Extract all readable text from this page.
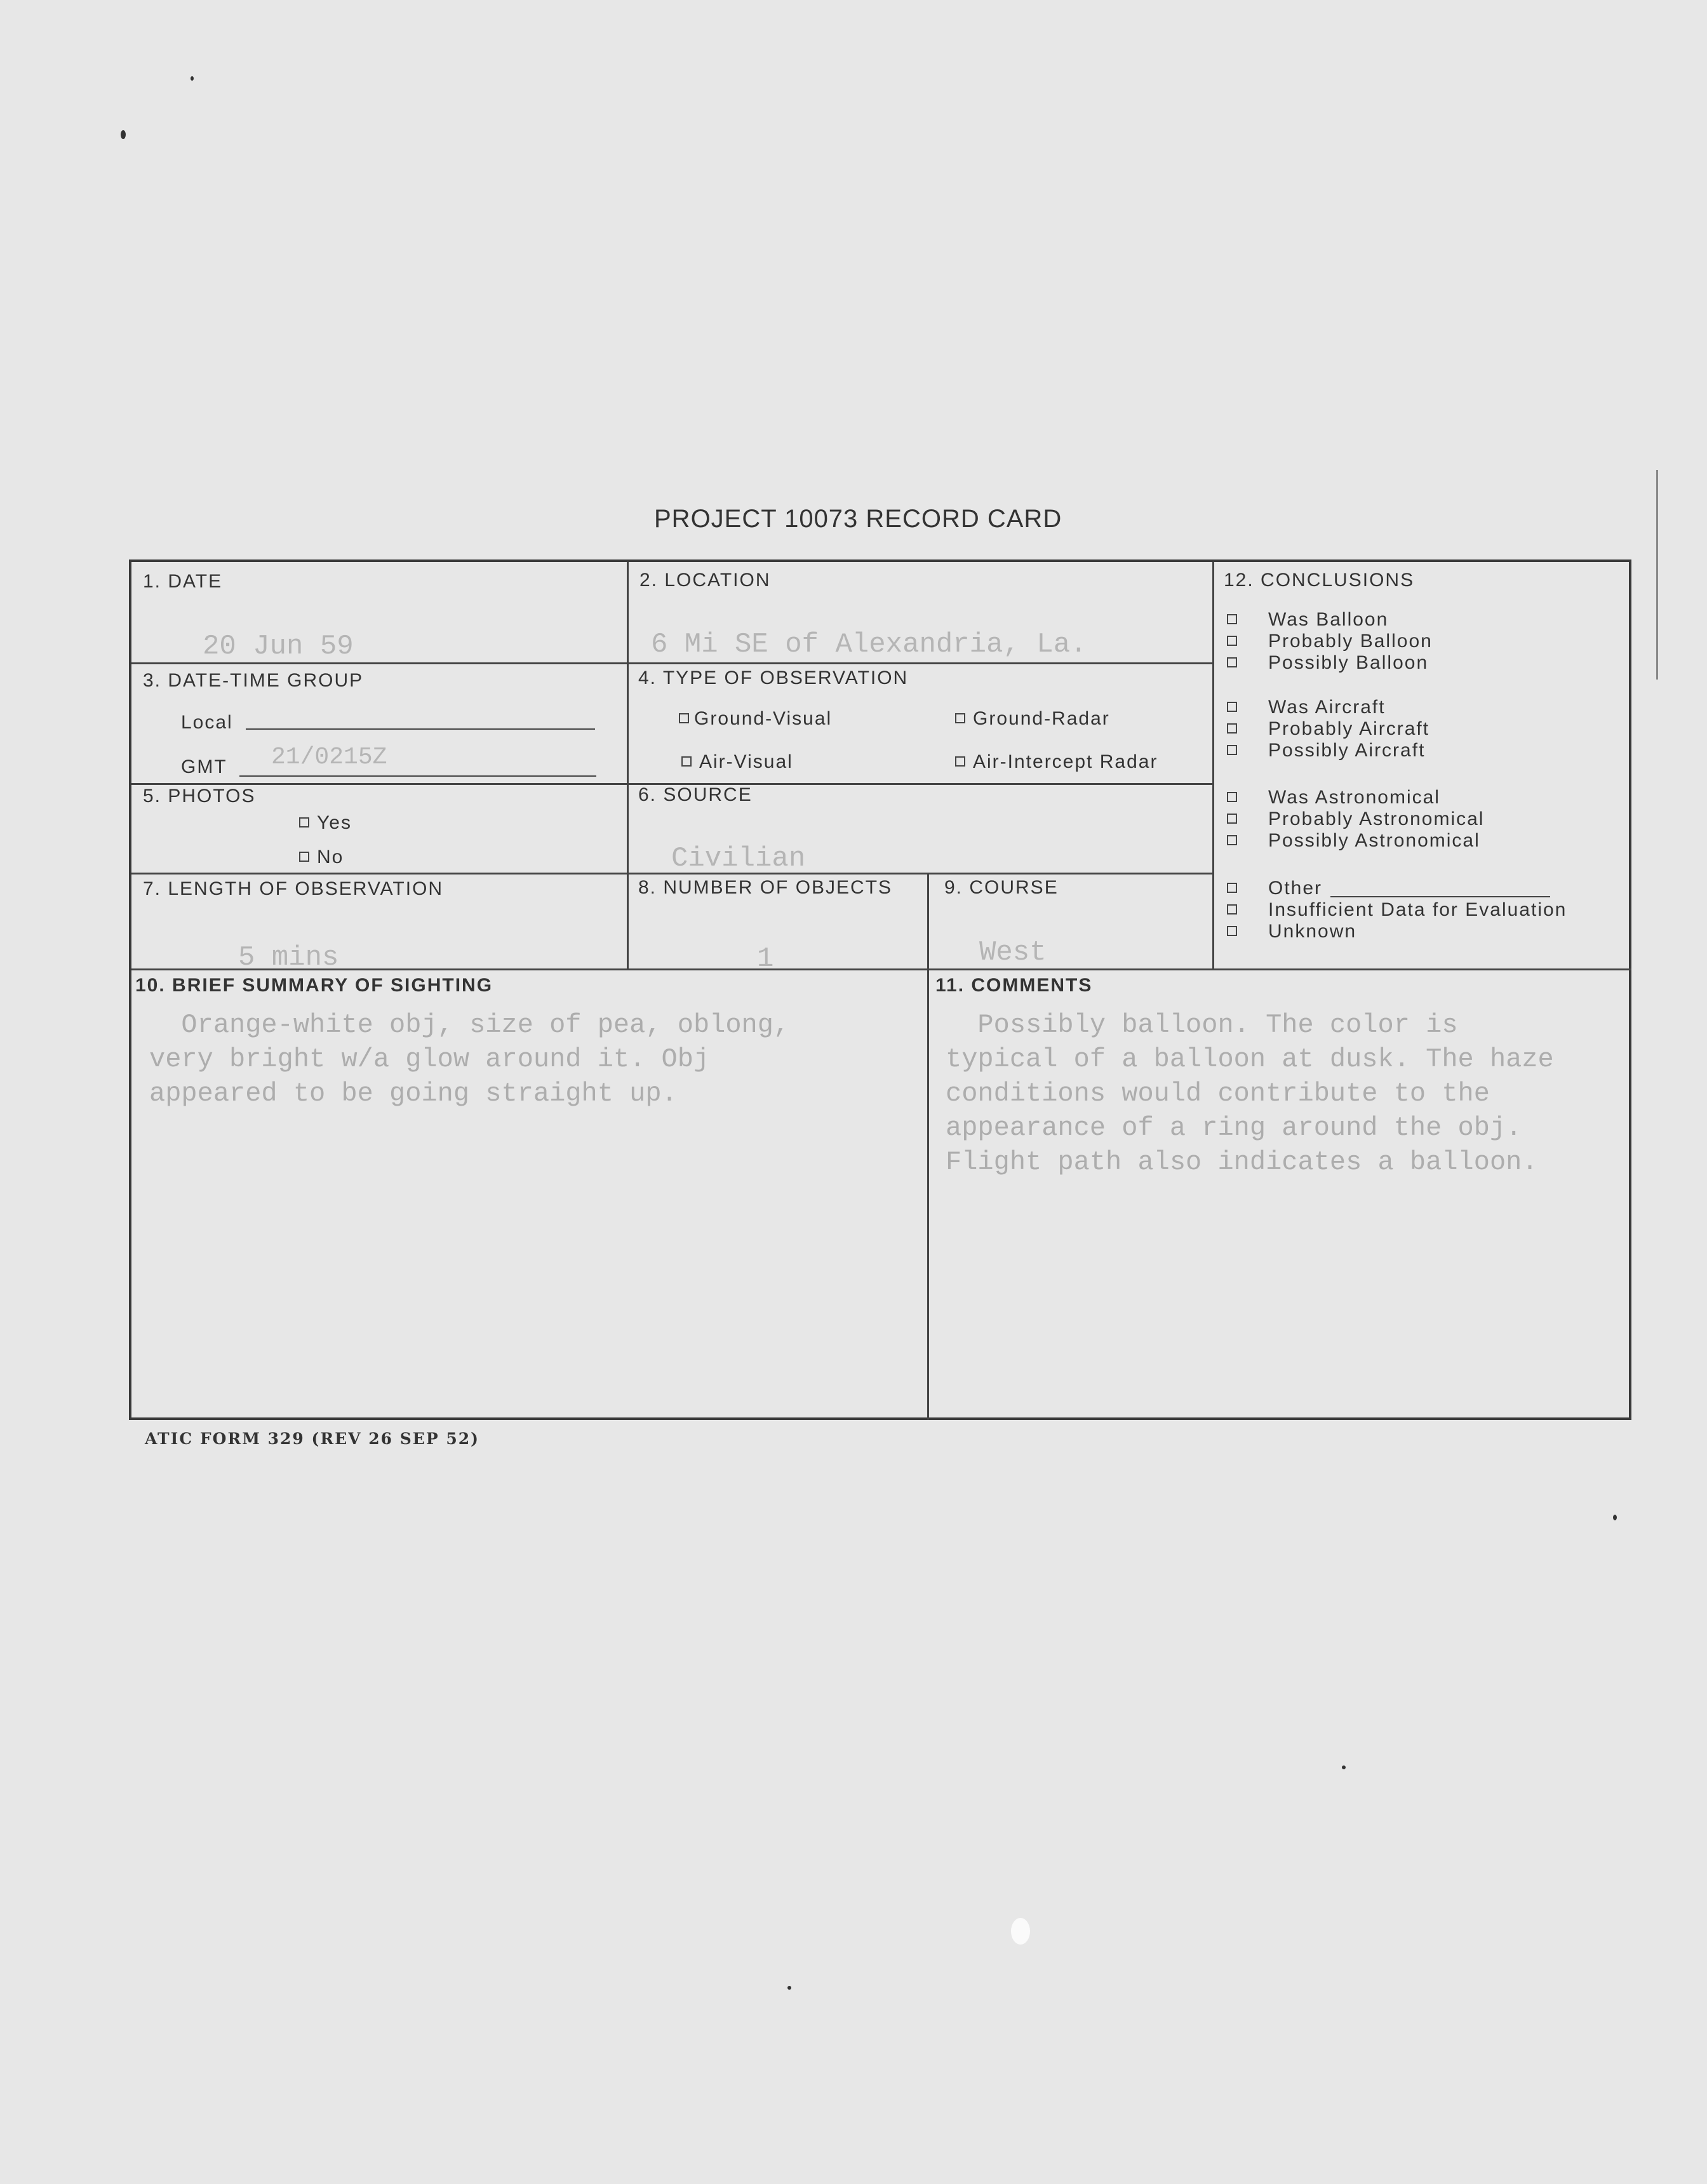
PROJECT 10073 RECORD CARD
1. DATE
20 Jun 59
2. LOCATION
6 Mi SE of Alexandria, La.
3. DATE-TIME GROUP
Local
GMT 21/0215Z
4. TYPE OF OBSERVATION
Ground-Visual	Ground-Radar
Air-Visual	Air-Intercept Radar
5. PHOTOS
Yes
No
6. SOURCE
Civilian
7. LENGTH OF OBSERVATION
5 mins
8. NUMBER OF OBJECTS
1
9. COURSE
West
12. CONCLUSIONS
Was Balloon
Probably Balloon
Possibly Balloon
Was Aircraft
Probably Aircraft
Possibly Aircraft
Was Astronomical
Probably Astronomical
Possibly Astronomical
Other
Insufficient Data for Evaluation
Unknown
10. BRIEF SUMMARY OF SIGHTING
Orange-white obj, size of pea, oblong,
very bright w/a glow around it. Obj
appeared to be going straight up.
11. COMMENTS
Possibly balloon. The color is
typical of a balloon at dusk. The haze
conditions would contribute to the
appearance of a ring around the obj.
Flight path also indicates a balloon.
ATIC FORM 329 (REV 26 SEP 52)
